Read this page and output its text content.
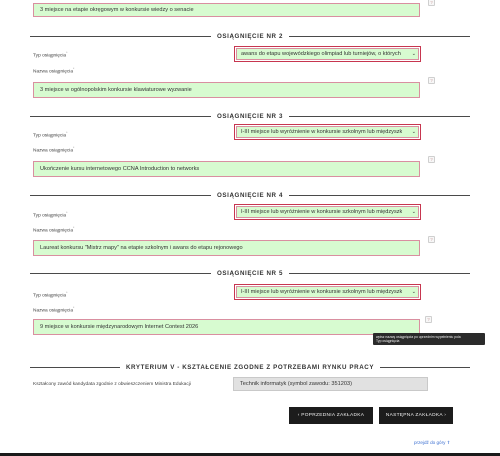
3 miejsce na etapie okręgowym w konkursie wiedzy o senacie
?
OSIĄGNIĘCIE NR 2
Typ osiągnięcia*	awans do etapu wojewódzkiego olimpiad lub turniejów, o których ⌄
Nazwa osiągnięcia*
3 miejsce w ogólnopolskim konkursie klawiaturowe wyzwanie
?
OSIĄGNIĘCIE NR 3
Typ osiągnięcia*	I-III miejsce lub wyróżnienie w konkursie szkolnym lub międzyszk ⌄
Nazwa osiągnięcia*
Ukończenie kursu internetowego CCNA Introduction to networks
?
OSIĄGNIĘCIE NR 4
Typ osiągnięcia*	I-III miejsce lub wyróżnienie w konkursie szkolnym lub międzyszk ⌄
Nazwa osiągnięcia*
Laureat konkursu "Mistrz mapy" na etapie szkolnym i awans do etapu rejonowego
?
OSIĄGNIĘCIE NR 5
Typ osiągnięcia*	I-III miejsce lub wyróżnienie w konkursie szkolnym lub międzyszk ⌄
Nazwa osiągnięcia*
9 miejsce w konkursie międzynarodowym Internet Contest 2026
?
wpisz nazwę osiągnięcia po uprzednim wypełnieniu pola
Typ osiągnięcia
KRYTERIUM V - KSZTAŁCENIE ZGODNE Z POTRZEBAMI RYNKU PRACY
Kształcony zawód kandydata zgodnie z obwieszczeniem Ministra Edukacji	Technik informatyk (symbol zawodu: 351203)
‹ POPRZEDNIA ZAKŁADKA	NASTĘPNA ZAKŁADKA ›
przejdź do góry ⇑
